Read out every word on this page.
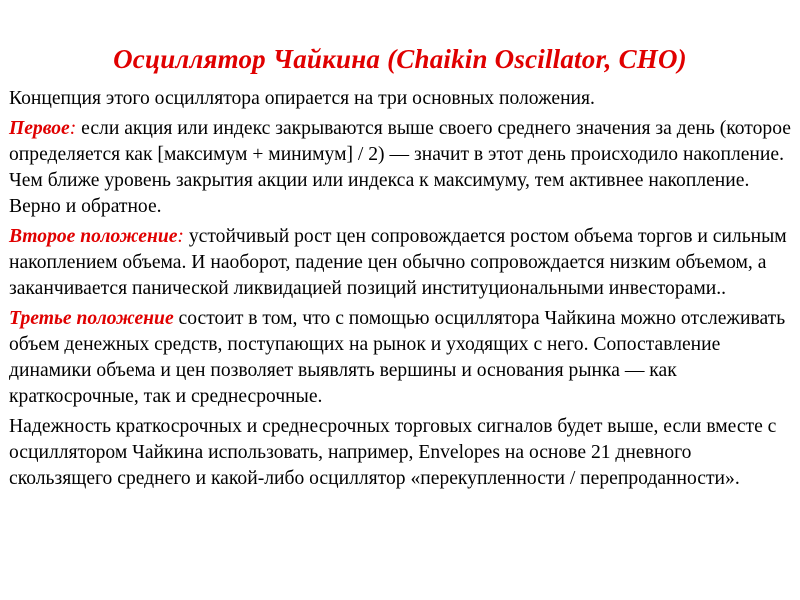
Осциллятор Чайкина (Chaikin Oscillator, CHO)

Концепция этого осциллятора опирается на три основных положения.

Первое: если акция или индекс закрываются выше своего среднего значения за день (которое определяется как [максимум + минимум] / 2) — значит в этот день происходило накопление. Чем ближе уровень закрытия акции или индекса к максимуму, тем активнее накопление. Верно и обратное.

Второе положение: устойчивый рост цен сопровождается ростом объема торгов и сильным накоплением объема. И наоборот, падение цен обычно сопровождается низким объемом, а заканчивается панической ликвидацией позиций институциональными инвесторами..

Третье положение состоит в том, что с помощью осциллятора Чайкина можно отслеживать объем денежных средств, поступающих на рынок и уходящих с него. Сопоставление динамики объема и цен позволяет выявлять вершины и основания рынка — как краткосрочные, так и среднесрочные.

Надежность краткосрочных и среднесрочных торговых сигналов будет выше, если вместе с осциллятором Чайкина использовать, например, Envelopes на основе 21 дневного скользящего среднего и какой-либо осциллятор «перекупленности / перепроданности».
